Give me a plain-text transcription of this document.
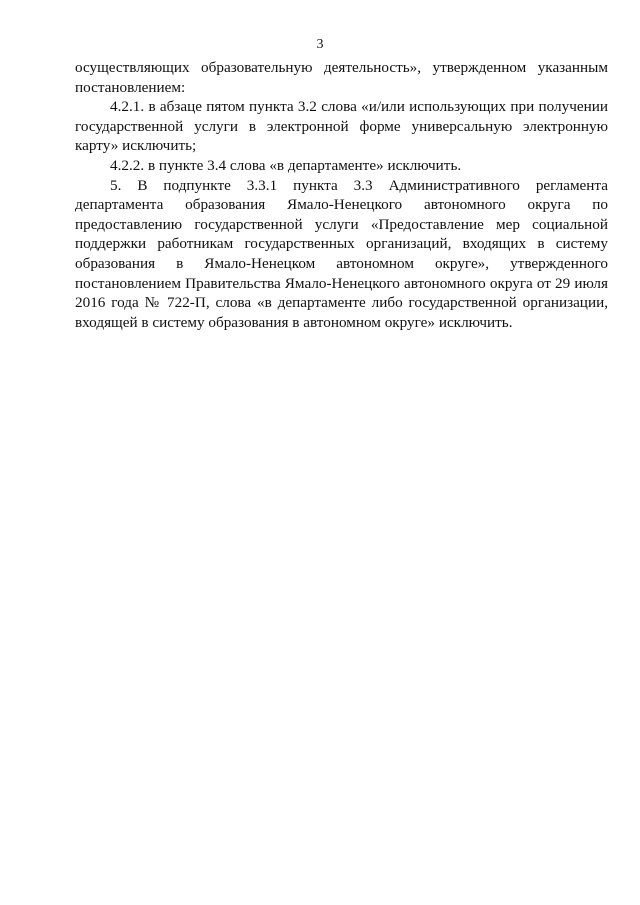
3

осуществляющих образовательную деятельность», утвержденном указанным постановлением:

4.2.1. в абзаце пятом пункта 3.2 слова «и/или использующих при получении государственной услуги в электронной форме универсальную электронную карту» исключить;

4.2.2. в пункте 3.4 слова «в департаменте» исключить.

5. В подпункте 3.3.1 пункта 3.3 Административного регламента департамента образования Ямало-Ненецкого автономного округа по предоставлению государственной услуги «Предоставление мер социальной поддержки работникам государственных организаций, входящих в систему образования в Ямало-Ненецком автономном округе», утвержденного постановлением Правительства Ямало-Ненецкого автономного округа от 29 июля 2016 года № 722-П, слова «в департаменте либо государственной организации, входящей в систему образования в автономном округе» исключить.
